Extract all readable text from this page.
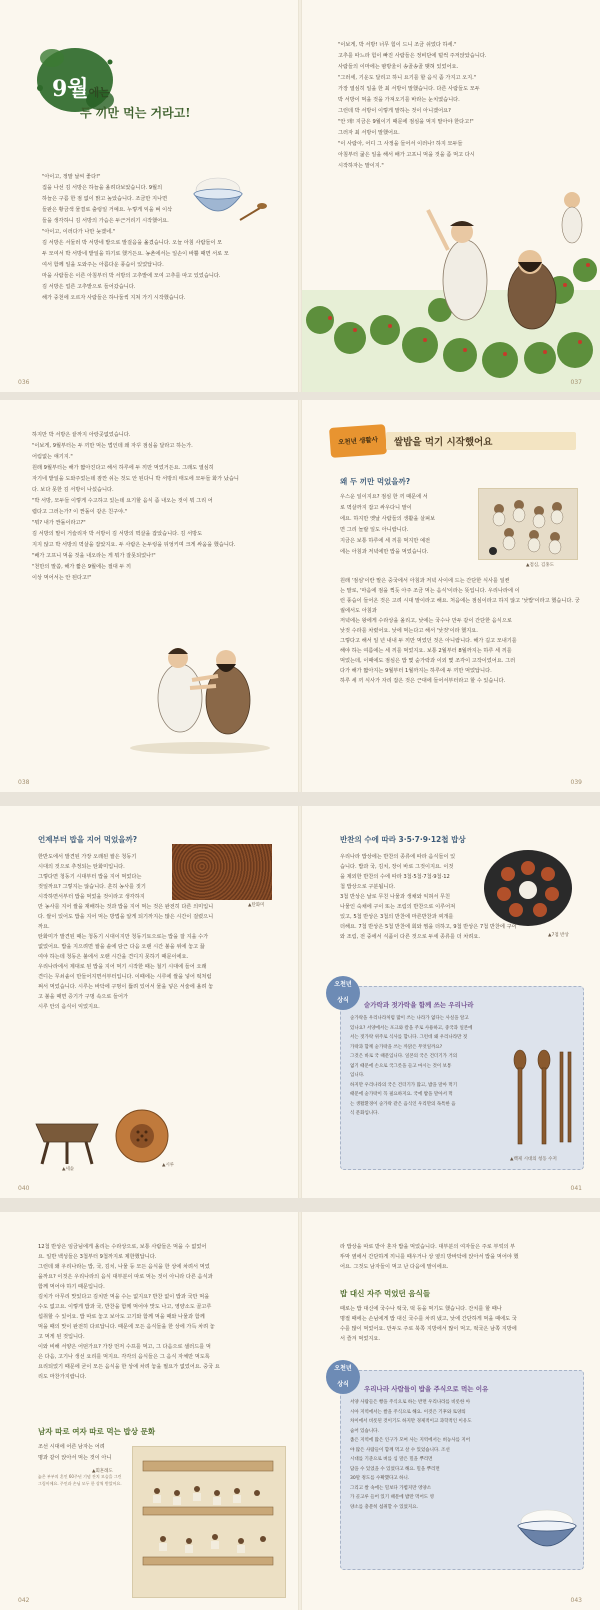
9월에는
두 끼만 먹는 거라고!

"아이고, 정말 날씨 좋다!"
집을 나선 김 서방은 하늘을 올려다보았습니다. 9월의
하늘은 구름 한 점 없이 맑고 높았습니다. 조금만 지나면
들판은 황금색 물결로 출렁일 거예요. 누렇게 익을 벼 이삭
들을 생각하니 김 서방의 가슴은 두근거리기 시작했어요.
"아이고, 이러다가 나만 늦겠네."
김 서방은 서둘러 박 서방네 밭으로 발걸음을 옮겼습니다. 오늘 아침 사람들이 모
두 모여서 박 서방네 밭일을 하기로 했거든요. 농촌에서는 일손이 바쁠 때면 서로 모
여서 함께 일을 도와주는 아름다운 풍습이 있었답니다.
마을 사람들은 이른 아침부터 박 서방의 고추밭에 모여 고추를 따고 있었습니다.
김 서방은 얼른 고추밭으로 들어갔습니다.
해가 중천에 오르자 사람들은 하나둘씩 지쳐 가기 시작했습니다.

036

"이보게, 박 서방! 너무 힘이 드니 조금 쉬었다 하세."
고추를 따느라 힘이 빠진 사람들은 정비단에 털썩 주저앉았습니다.
사람들의 이마에는 땀방울이 송골송골 맺혀 있었어요.
"그러세, 기운도 달리고 하니 요기를 할 음식 좀 가지고 오지."
가장 열심히 일을 한 최 서방이 말했습니다. 다른 사람들도 모두
박 서방이 먹을 것을 가져오기를 바라는 눈치였습니다.
그런데 박 서방이 이렇게 말하는 것이 아니겠어요?
"안 돼! 지금은 9월이기 때문에 점심을 먹지 말아야 한다고!"
그러자 최 서방이 말했어요.
"이 사람아, 어디 그 사정을 들어서 이러나! 하지 모두들
아침부터 굶은 일을 해서 배가 고프니 먹을 것을 좀 먹고 다시
시작하자는 말이지."

037

하지만 박 서방은 끝까지 아랑곳없었습니다.
"이보게, 9월부터는 두 끼만 먹는 법인데 왜 자꾸 점심을 달라고 하는가.
어림없는 얘기지."
원래 9월부터는 해가 짧아진다고 해서 하루에 두 끼만 먹었거든요. 그래도 열심히
자기네 밭일을 도와주었는데 잠깐 쉬는 것도 안 된다니 박 서방의 태도에 모두들 화가 났습니
다. 보다 못한 김 서방이 나섰습니다.
"박 서방, 모두들 이렇게 수고하고 있는데 요기할 음식 좀 내오는 것이 뭐 그리 어
렵다고 그러는가? 이 짠돌이 같은 친구야."
"뭐? 내가 짠돌이라고?"
김 서방의 말이 거슬리자 박 서방이 김 서방의 멱살을 잡았습니다. 김 서방도
지지 않고 박 서방의 멱살을 잡았지요. 두 사람은 논두렁을 뒤엉키며 크게 싸움을 했습니다.
"배가 고프니 먹을 것을 내오라는 게 뭐가 잘못되었나!"
"천만의 말씀, 해가 짧은 9월에는 절대 두 끼
이상 먹어서는 안 된다고!"

038
오천년 생활사 쌀밥을 먹기 시작했어요

왜 두 끼만 먹었을까?

우스운 일이지요? 점심 한 끼 때문에 서
로 멱살까지 잡고 싸우다니 말이
에요. 하지만 옛날 사람들의 생활을 살펴보
면 그리 놀랄 일도 아니랍니다.
지금은 보통 하루에 세 끼를 먹지만 예전
에는 아침과 저녁에만 밥을 먹었습니다.

▲점심, 김홍도

원래 '점심'이란 말은 중국에서 아침과 저녁 사이에 드는 간단한 식사를 일컫
는 말로, '마음에 점을 찍듯 아주 조금 먹는 음식'이라는 뜻입니다. 우리나라에 이
런 풍습이 들어온 것은 고려 시대 말이라고 해요. 처음에는 점심이라고 하지 않고 '낮밥'이라고 했습니다. 궁궐에서도 아침과
저녁에는 왕에게 수라상을 올리고, 낮에는 국수나 만두 같이 간단한 음식으로
낮것 수라를 차렸어요. 낮에 먹는다고 해서 '낮것'이라 했지요.
그렇다고 해서 일 년 내내 두 끼만 먹었던 것은 아니랍니다. 해가 길고 모내기를
해야 하는 여름에는 세 끼를 먹었지요. 보통 2월부터 8월까지는 하루 세 끼를
먹었는데, 이때에도 점심은 밥 몇 숟가락과 이외 몇 조각이 고작이었어요. 그러
다가 해가 짧아지는 9월부터 1월까지는 하루에 두 끼만 먹었답니다.
하루 세 끼 식사가 자리 잡은 것은 근대에 들어서부터라고 할 수 있습니다.

039

언제부터 밥을 지어 먹었을까?

▲탄화미

한반도에서 발견된 가장 오래된 쌀은 청동기
시대의 것으로 추정되는 탄화미입니다.
그렇다면 청동기 시대부터 밥을 지어 먹었다는
것일까요? 그렇지는 않습니다. 흔히 농사를 짓기
시작하면서부터 밥을 먹었을 것이라고 생각하지
만 농사를 지어 쌀을 재배하는 것과 밥을 지어 먹는 것은 완전히 다른 의미입니
다. 쌀이 있어도 밥을 지어 먹는 방법을 알게 되기까지는 많은 시간이 걸렸으니
까요.
탄화미가 발견된 때는 청동기 시대이지만 청동기토으로는 밥을 잘 지을 수가
없었어요. 밥을 지으려면 쌀을 솥에 담근 다음 오랜 시간 불을 위에 놓고 끓
여야 하는데 청동은 불에서 오랜 시간을 견디지 못하기 때문이에요.
우리나라에서 제대로 된 밥을 지어 먹기 시작한 때는 철기 시대에 들어 오래
견디는 무쇠솥이 만들어지면서부터입니다. 이때에는 시루에 쌀을 넣어 떡처럼
쪄서 먹었습니다. 시루는 바닥에 구멍이 뚫려 있어서 물을 넣은 서술에 올려 놓
고 불을 때면 증기가 구멍 속으로 들어가
시루 안의 음식이 익었지요.

▲세솥
▲시루
040

반찬의 수에 따라 3·5·7·9·12첩 밥상

▲7첩 반상

우리나라 밥상에는 반찬의 종류에 따라 음식들이 있
습니다. 밥과 국, 김치, 장이 바로 그것이지요. 이것
을 제외한 반찬의 수에 따라 3첩·5첩·7첩·9첩·12
첩 밥상으로 구분됩니다.
3첩 반상은 날로 무친 나물과 생채와 익혀서 무친
나물인 숙채에 구이 또는 조림의 반찬으로 이루어져
있고, 5첩 반상은 3첩의 반찬에 마른반찬과 찌개를
더해요. 7첩 반상은 5첩 반찬에 회와 찜을 더하고, 9첩 반상은 7첩 반찬에 구이
와 조림, 전 중에서 식품이 다른 것으로 두세 종류를 더 차려요.

오천년

상식
숟가락과 젓가락을 함께 쓰는 우리나라

숟가락을 우리나라처럼 많이 쓰는 나라가 없다는 사실을 알고
있나요? 서양에서는 포크와 칼을 주로 사용하고, 중국과 일본에
서는 젓가락 위주로 식사를 합니다. 그런데 왜 우리나라만 젓
가락과 함께 숟가락을 쓰는 까닭은 무엇일까요?
그것은 바로 국 때문입니다. 일본의 국은 건더기가 거의
없기 때문에 손으로 국그릇을 들고 마시는 것이 보통
입니다.
하지만 우리나라의 국은 건더기가 많고, 밥을 말아 먹기
때문에 숟가락이 꼭 필요하지요. 국에 밥을 말아서 먹
는 생활환경이 숟가락 같은 음식인 우리만의 독특한 음
식 문화입니다.

▲백제 시대의 청동 수저
041

12첩 반상은 임금님에게 올리는 수라상으로, 보통 사람들은 먹을 수 없었어
요. 일반 백성들은 3첩부터 9첩까지로 제한했답니다.
그런데 왜 우리나라는 밥, 국, 김치, 나물 등 모든 음식을 한 상에 차려서 먹었
을까요? 이것은 우리나라의 음식 대부분이 따로 먹는 것이 아니라 다른 음식과
함께 먹어야 하기 때문입니다.
김치가 아무리 맛있다고 김치만 먹을 수는 없지요? 반찬 없이 밥과 국만 먹을
수도 없고요. 이렇게 밥과 국, 반찬을 함께 먹어야 맛도 나고, 영양소도 골고루
섭취할 수 있어요. 밥 따로 놓고 보아도 고기와 함께 먹을 때와 나물과 함께
먹을 때의 맛이 완전히 다르답니다. 때문에 모든 음식들을 한 상에 가득 차려 놓
고 먹게 된 것입니다.
이와 비해 서양은 어떤가요? 가장 먼저 수프를 먹고, 그 다음으로 샐러드를 먹
은 다음, 고기나 생선 요리를 먹지요. 각각의 음식들은 그 음식 자체만 먹도록
요리되었기 때문에 굳이 모든 음식을 한 상에 차려 놓을 필요가 없었어요. 중국 요
리도 마찬가지랍니다.

남자 따로 여자 따로 먹는 밥상 문화

조선 시대에 어른 남자는 어려
명과 같이 앉아서 먹는 것이 아니

▲회혼례도

늙은 부부의 혼인 60주년 기념 잔치 모습을 그린 그림이에요. 주인과 손님 모두 한 상씩 받았어요.

042

라 밥상을 따로 받아 혼자 밥을 먹었습니다. 대부분의 여자들은 주로 부엌의 부
뚜막 옆에서 간단하게 끼니를 때우거나 상 옆의 방바닥에 앉아서 밥을 먹어야 했
어요. 그것도 남자들이 먹고 난 다음에 말이에요.

밥 대신 자주 먹었던 음식들

때로는 밥 대신에 국수나 떡국, 떡 등을 먹기도 했습니다. 잔치를 할 때나
명절 때에는 손님에게 밥 대신 국수를 차려 냈고, 낮에 간단하게 먹을 때에도 국
수를 많이 먹었어요. 만두도 주로 북쪽 지방에서 많이 먹고, 떡국은 남쪽 지방에
서 즐겨 먹었지요.

오천년

상식
우리나라 사람들이 밥을 주식으로 먹는 이유

서양 사람들은 빵을 주식으로 하는 반면 우리나라를 비롯한 아
시아 지역에서는 쌀을 주식으로 해요. 이것은 기후와 토양의
차이에서 비롯된 것이기도 하지만 경제적이고 과학적인 이유도
숨어 있습니다.
좁은 지역에 많은 인구가 모여 사는 지역에서는 벼농사를 지어
야 많은 사람들이 함께 먹고 살 수 있었습니다. 조선
시대를 기준으로 벼를 심 말은 밀을 뿌리면
담을 수 있었을 수 있었다고 해요. 밀을 뿌리면
30말 정도를 수확했다고 하니.
그리고 쌀 속에는 밀보다 가볍지만 영양소
가 골고루 들어 있기 때문에 밥만 먹어도 영
양소를 충분히 섭취할 수 있었지요.

043
